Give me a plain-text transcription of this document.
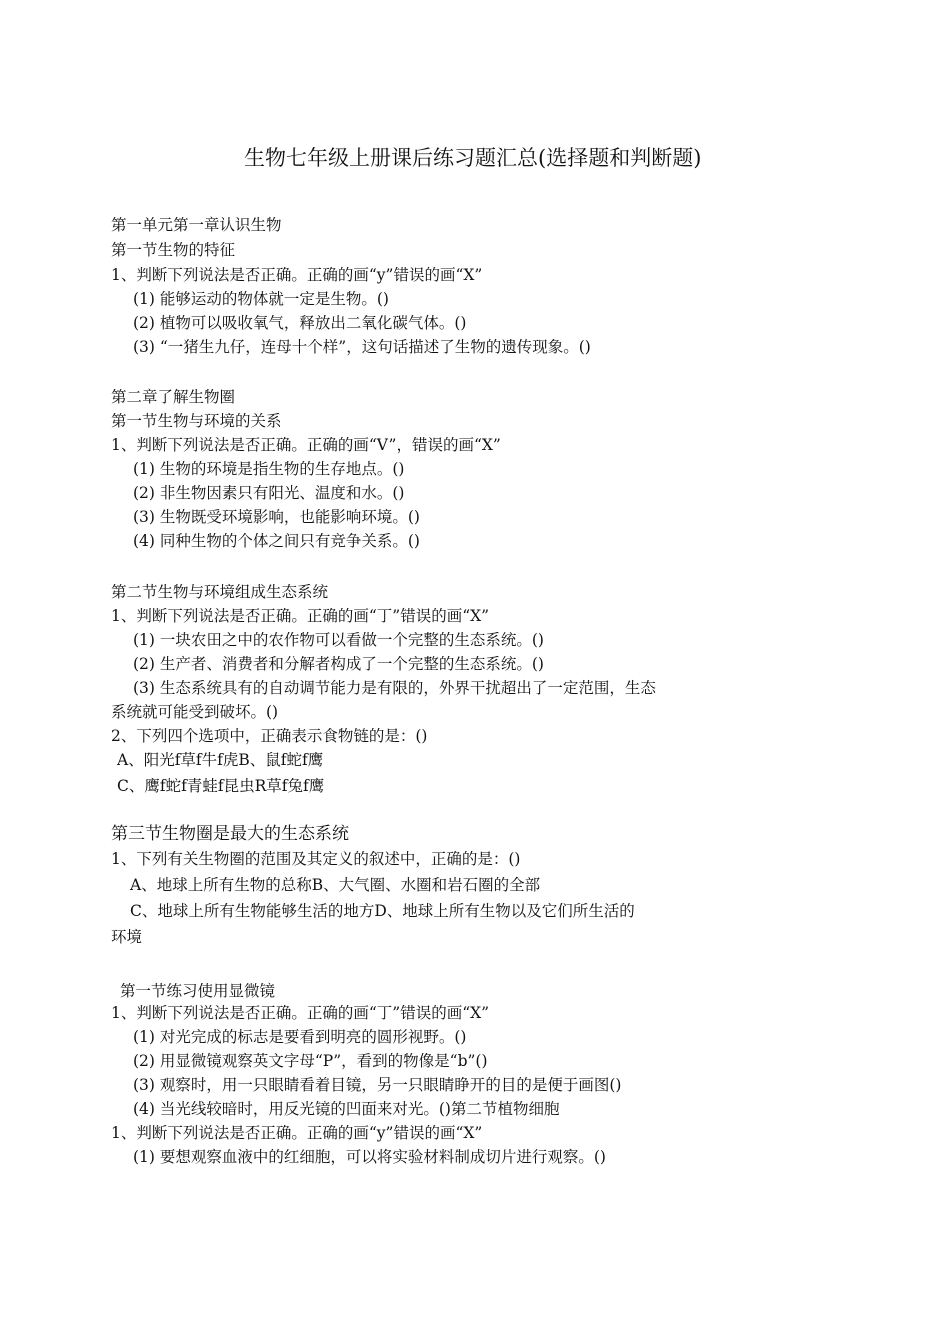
生物七年级上册课后练习题汇总(选择题和判断题)
第一单元第一章认识生物
第一节生物的特征
1、判断下列说法是否正确。正确的画“y”错误的画“X”
(1) 能够运动的物体就一定是生物。()
(2) 植物可以吸收氧气，释放出二氧化碳气体。()
(3) “一猪生九仔，连母十个样”，这句话描述了生物的遗传现象。()
第二章了解生物圈
第一节生物与环境的关系
1、判断下列说法是否正确。正确的画“V”，错误的画“X”
(1) 生物的环境是指生物的生存地点。()
(2) 非生物因素只有阳光、温度和水。()
(3) 生物既受环境影响，也能影响环境。()
(4) 同种生物的个体之间只有竞争关系。()
第二节生物与环境组成生态系统
1、判断下列说法是否正确。正确的画“丁”错误的画“X”
(1) 一块农田之中的农作物可以看做一个完整的生态系统。()
(2) 生产者、消费者和分解者构成了一个完整的生态系统。()
(3) 生态系统具有的自动调节能力是有限的，外界干扰超出了一定范围，生态
系统就可能受到破坏。()
2、下列四个选项中，正确表示食物链的是：()
A、阳光f草f牛f虎B、鼠f蛇f鹰
C、鹰f蛇f青蛙f昆虫R草f兔f鹰
第三节生物圈是最大的生态系统
1、下列有关生物圈的范围及其定义的叙述中，正确的是：()
A、地球上所有生物的总称B、大气圈、水圈和岩石圈的全部
C、地球上所有生物能够生活的地方D、地球上所有生物以及它们所生活的
环境
第一节练习使用显微镜
1、判断下列说法是否正确。正确的画“丁”错误的画“X”
(1) 对光完成的标志是要看到明亮的圆形视野。()
(2) 用显微镜观察英文字母“P”，看到的物像是“b”()
(3) 观察时，用一只眼睛看着目镜，另一只眼睛睁开的目的是便于画图()
(4) 当光线较暗时，用反光镜的凹面来对光。()第二节植物细胞
1、判断下列说法是否正确。正确的画“y”错误的画“X”
(1) 要想观察血液中的红细胞，可以将实验材料制成切片进行观察。()
